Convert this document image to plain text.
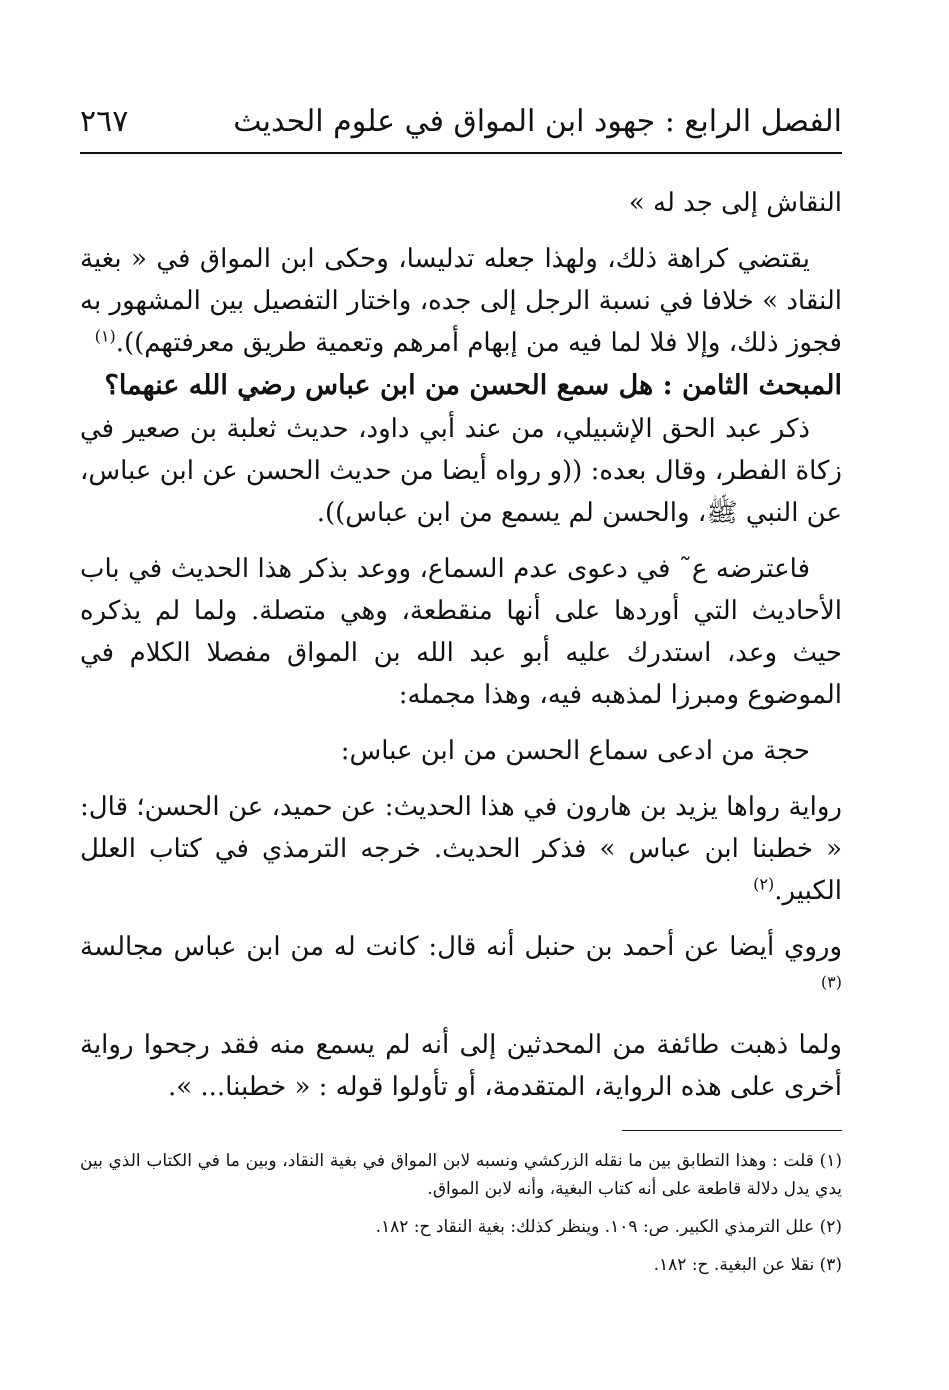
الفصل الرابع : جهود ابن المواق في علوم الحديث
٢٦٧

النقاش إلى جد له »

يقتضي كراهة ذلك، ولهذا جعله تدليسا، وحكى ابن المواق في « بغية النقاد » خلافا في نسبة الرجل إلى جده، واختار التفصيل بين المشهور به فجوز ذلك، وإلا فلا لما فيه من إبهام أمرهم وتعمية طريق معرفتهم)).$^{(١)}$

المبحث الثامن : هل سمع الحسن من ابن عباس رضي الله عنهما؟

ذكر عبد الحق الإشبيلي، من عند أبي داود، حديث ثعلبة بن صعير في زكاة الفطر، وقال بعده: ((و رواه أيضا من حديث الحسن عن ابن عباس، عن النبي ﷺ، والحسن لم يسمع من ابن عباس)).

فاعترضه ع˜ في دعوى عدم السماع، ووعد بذكر هذا الحديث في باب الأحاديث التي أوردها على أنها منقطعة، وهي متصلة. ولما لم يذكره حيث وعد، استدرك عليه أبو عبد الله بن المواق مفصلا الكلام في الموضوع ومبرزا لمذهبه فيه، وهذا مجمله:

حجة من ادعى سماع الحسن من ابن عباس:

رواية رواها يزيد بن هارون في هذا الحديث: عن حميد، عن الحسن؛ قال: « خطبنا ابن عباس » فذكر الحديث. خرجه الترمذي في كتاب العلل الكبير.$^{(٢)}$

وروي أيضا عن أحمد بن حنبل أنه قال: كانت له من ابن عباس مجالسة $^{(٣)}$

ولما ذهبت طائفة من المحدثين إلى أنه لم يسمع منه فقد رجحوا رواية أخرى على هذه الرواية، المتقدمة، أو تأولوا قوله : « خطبنا... ».

(١) قلت : وهذا التطابق بين ما نقله الزركشي ونسبه لابن المواق في بغية النقاد، وبين ما في الكتاب الذي بين يدي يدل دلالة قاطعة على أنه كتاب البغية، وأنه لابن المواق.

(٢) علل الترمذي الكبير. ص: ١٠٩. وينظر كذلك: بغية النقاد ح: ١٨٢.

(٣) نقلا عن البغية. ح: ١٨٢.
